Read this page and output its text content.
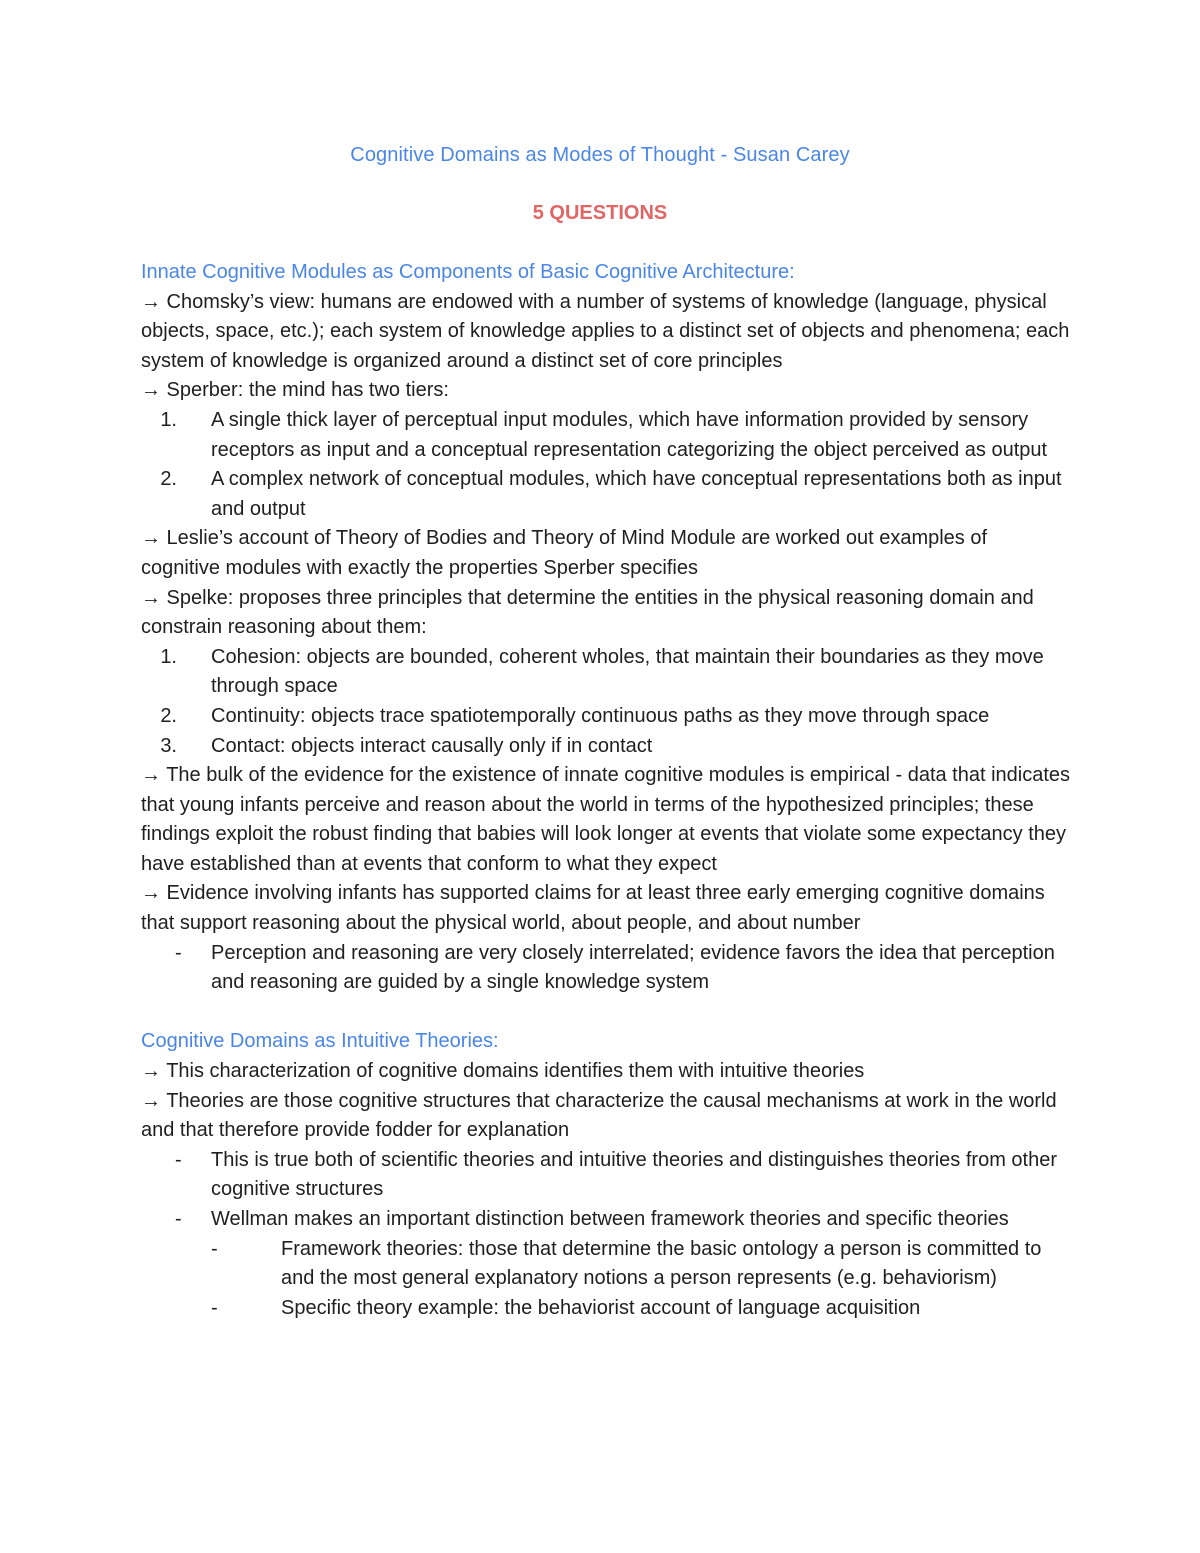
Cognitive Domains as Modes of Thought - Susan Carey
5 QUESTIONS

Innate Cognitive Modules as Components of Basic Cognitive Architecture:

→ Chomsky’s view: humans are endowed with a number of systems of knowledge (language, physical objects, space, etc.); each system of knowledge applies to a distinct set of objects and phenomena; each system of knowledge is organized around a distinct set of core principles

→ Sperber: the mind has two tiers:

1.	A single thick layer of perceptual input modules, which have information provided by sensory receptors as input and a conceptual representation categorizing the object perceived as output
2.	A complex network of conceptual modules, which have conceptual representations both as input and output

→ Leslie’s account of Theory of Bodies and Theory of Mind Module are worked out examples of cognitive modules with exactly the properties Sperber specifies

→ Spelke: proposes three principles that determine the entities in the physical reasoning domain and constrain reasoning about them:

1.	Cohesion: objects are bounded, coherent wholes, that maintain their boundaries as they move through space
2.	Continuity: objects trace spatiotemporally continuous paths as they move through space
3.	Contact: objects interact causally only if in contact

→ The bulk of the evidence for the existence of innate cognitive modules is empirical - data that indicates that young infants perceive and reason about the world in terms of the hypothesized principles; these findings exploit the robust finding that babies will look longer at events that violate some expectancy they have established than at events that conform to what they expect

→ Evidence involving infants has supported claims for at least three early emerging cognitive domains that support reasoning about the physical world, about people, and about number

-	Perception and reasoning are very closely interrelated; evidence favors the idea that perception and reasoning are guided by a single knowledge system

Cognitive Domains as Intuitive Theories:

→ This characterization of cognitive domains identifies them with intuitive theories

→ Theories are those cognitive structures that characterize the causal mechanisms at work in the world and that therefore provide fodder for explanation

-	This is true both of scientific theories and intuitive theories and distinguishes theories from other cognitive structures
-	Wellman makes an important distinction between framework theories and specific theories
-	Framework theories: those that determine the basic ontology a person is committed to and the most general explanatory notions a person represents (e.g. behaviorism)
-	Specific theory example: the behaviorist account of language acquisition
